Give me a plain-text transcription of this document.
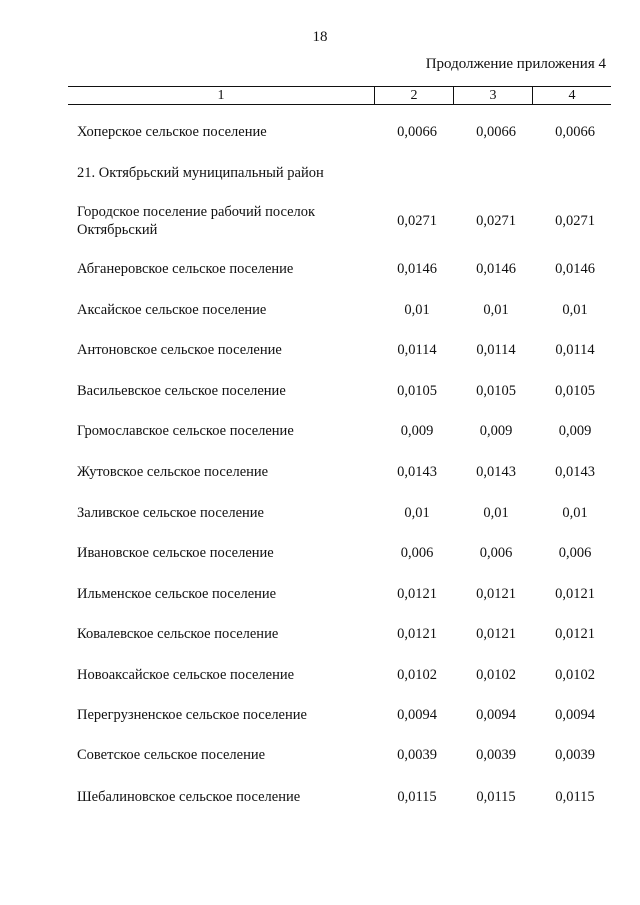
18
Продолжение приложения 4
1	2	3	4
Хоперское сельское поселение	0,0066	0,0066	0,0066
21. Октябрьский муниципальный район
Городское поселение рабочий поселок Октябрьский
0,0271	0,0271	0,0271
Абганеровское сельское поселение	0,0146	0,0146	0,0146
Аксайское сельское поселение	0,01	0,01	0,01
Антоновское сельское поселение	0,0114	0,0114	0,0114
Васильевское сельское поселение	0,0105	0,0105	0,0105
Громославское сельское поселение	0,009	0,009	0,009
Жутовское сельское поселение	0,0143	0,0143	0,0143
Заливское сельское поселение	0,01	0,01	0,01
Ивановское сельское поселение	0,006	0,006	0,006
Ильменское сельское поселение	0,0121	0,0121	0,0121
Ковалевское сельское поселение	0,0121	0,0121	0,0121
Новоаксайское сельское поселение	0,0102	0,0102	0,0102
Перегрузненское сельское поселение	0,0094	0,0094	0,0094
Советское сельское поселение	0,0039	0,0039	0,0039
Шебалиновское сельское поселение	0,0115	0,0115	0,0115
